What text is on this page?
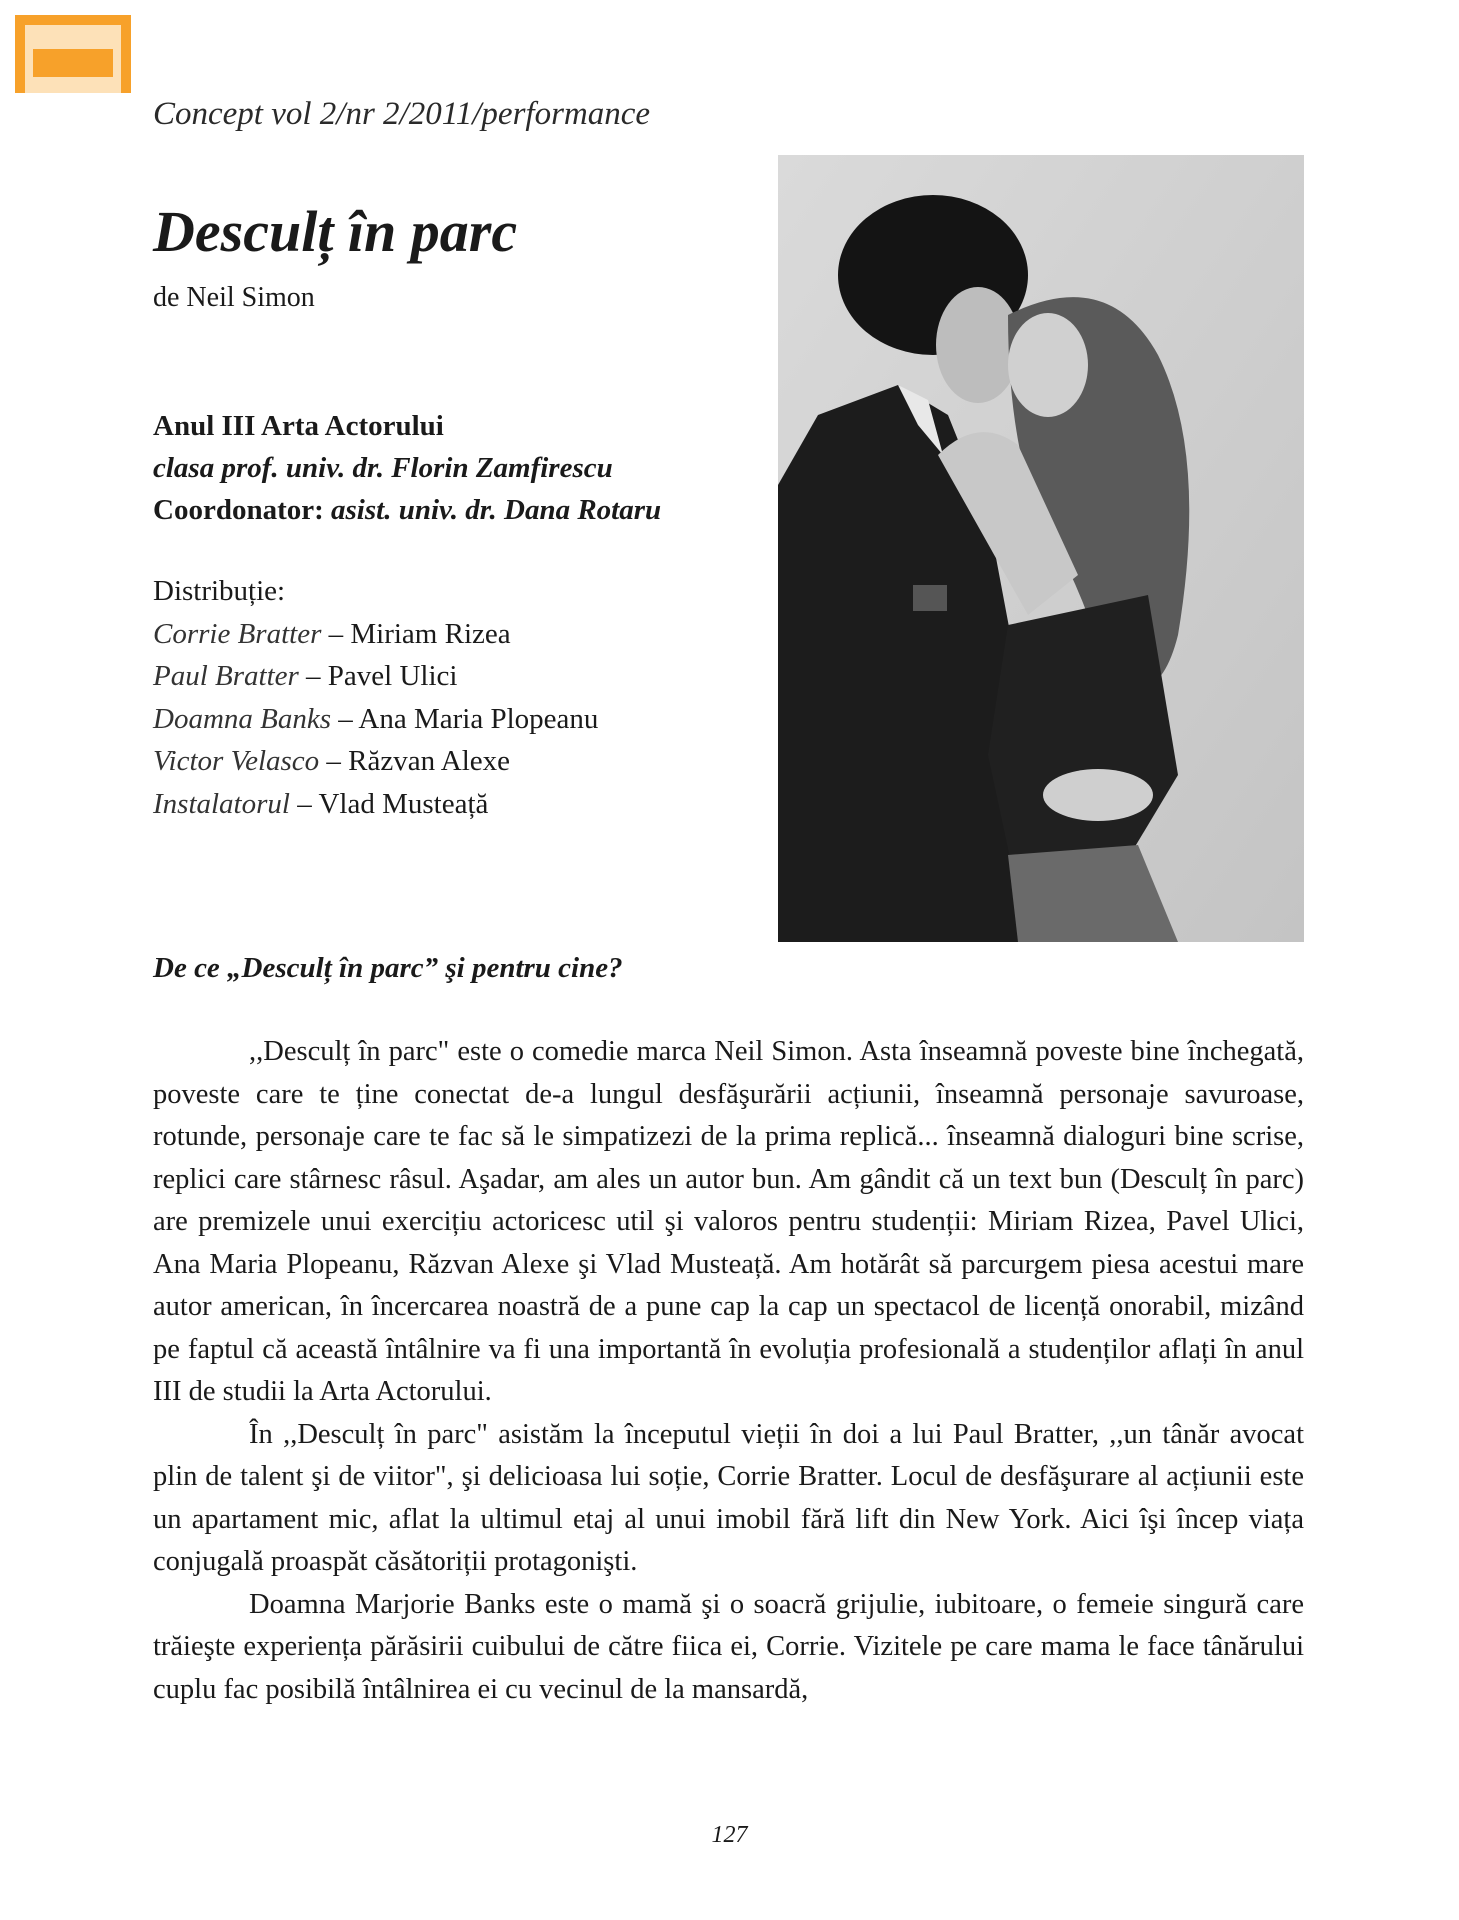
Concept vol 2/nr 2/2011/performance
Desculț în parc
de Neil Simon
Anul III Arta Actorului
clasa prof. univ. dr. Florin Zamfirescu
Coordonator: asist. univ. dr. Dana Rotaru
Distribuție:
Corrie Bratter – Miriam Rizea
Paul Bratter – Pavel Ulici
Doamna Banks – Ana Maria Plopeanu
Victor Velasco – Răzvan Alexe
Instalatorul – Vlad Musteață
De ce „Desculț în parc” şi pentru cine?

,,Desculț în parc" este o comedie marca Neil Simon. Asta înseamnă poveste bine închegată, poveste care te ține conectat de-a lungul desfăşurării acțiunii, înseamnă personaje savuroase, rotunde, personaje care te fac să le simpatizezi de la prima replică... înseamnă dialoguri bine scrise, replici care stârnesc râsul. Aşadar, am ales un autor bun. Am gândit că un text bun (Desculț în parc) are premizele unui exercițiu actoricesc util şi valoros pentru studenții: Miriam Rizea, Pavel Ulici, Ana Maria Plopeanu, Răzvan Alexe şi Vlad Musteață. Am hotărât să parcurgem piesa acestui mare autor american, în încercarea noastră de a pune cap la cap un spectacol de licență onorabil, mizând pe faptul că această întâlnire va fi una importantă în evoluția profesională a studenților aflați în anul III de studii la Arta Actorului.

În ,,Desculț în parc" asistăm la începutul vieții în doi a lui Paul Bratter, ,,un tânăr avocat plin de talent şi de viitor", şi delicioasa lui soție, Corrie Bratter. Locul de desfăşurare al acțiunii este un apartament mic, aflat la ultimul etaj al unui imobil fără lift din New York. Aici îşi încep viața conjugală proaspăt căsătoriții protagonişti.

Doamna Marjorie Banks este o mamă şi o soacră grijulie, iubitoare, o femeie singură care trăieşte experiența părăsirii cuibului de către fiica ei, Corrie. Vizitele pe care mama le face tânărului cuplu fac posibilă întâlnirea ei cu vecinul de la mansardă,

127
